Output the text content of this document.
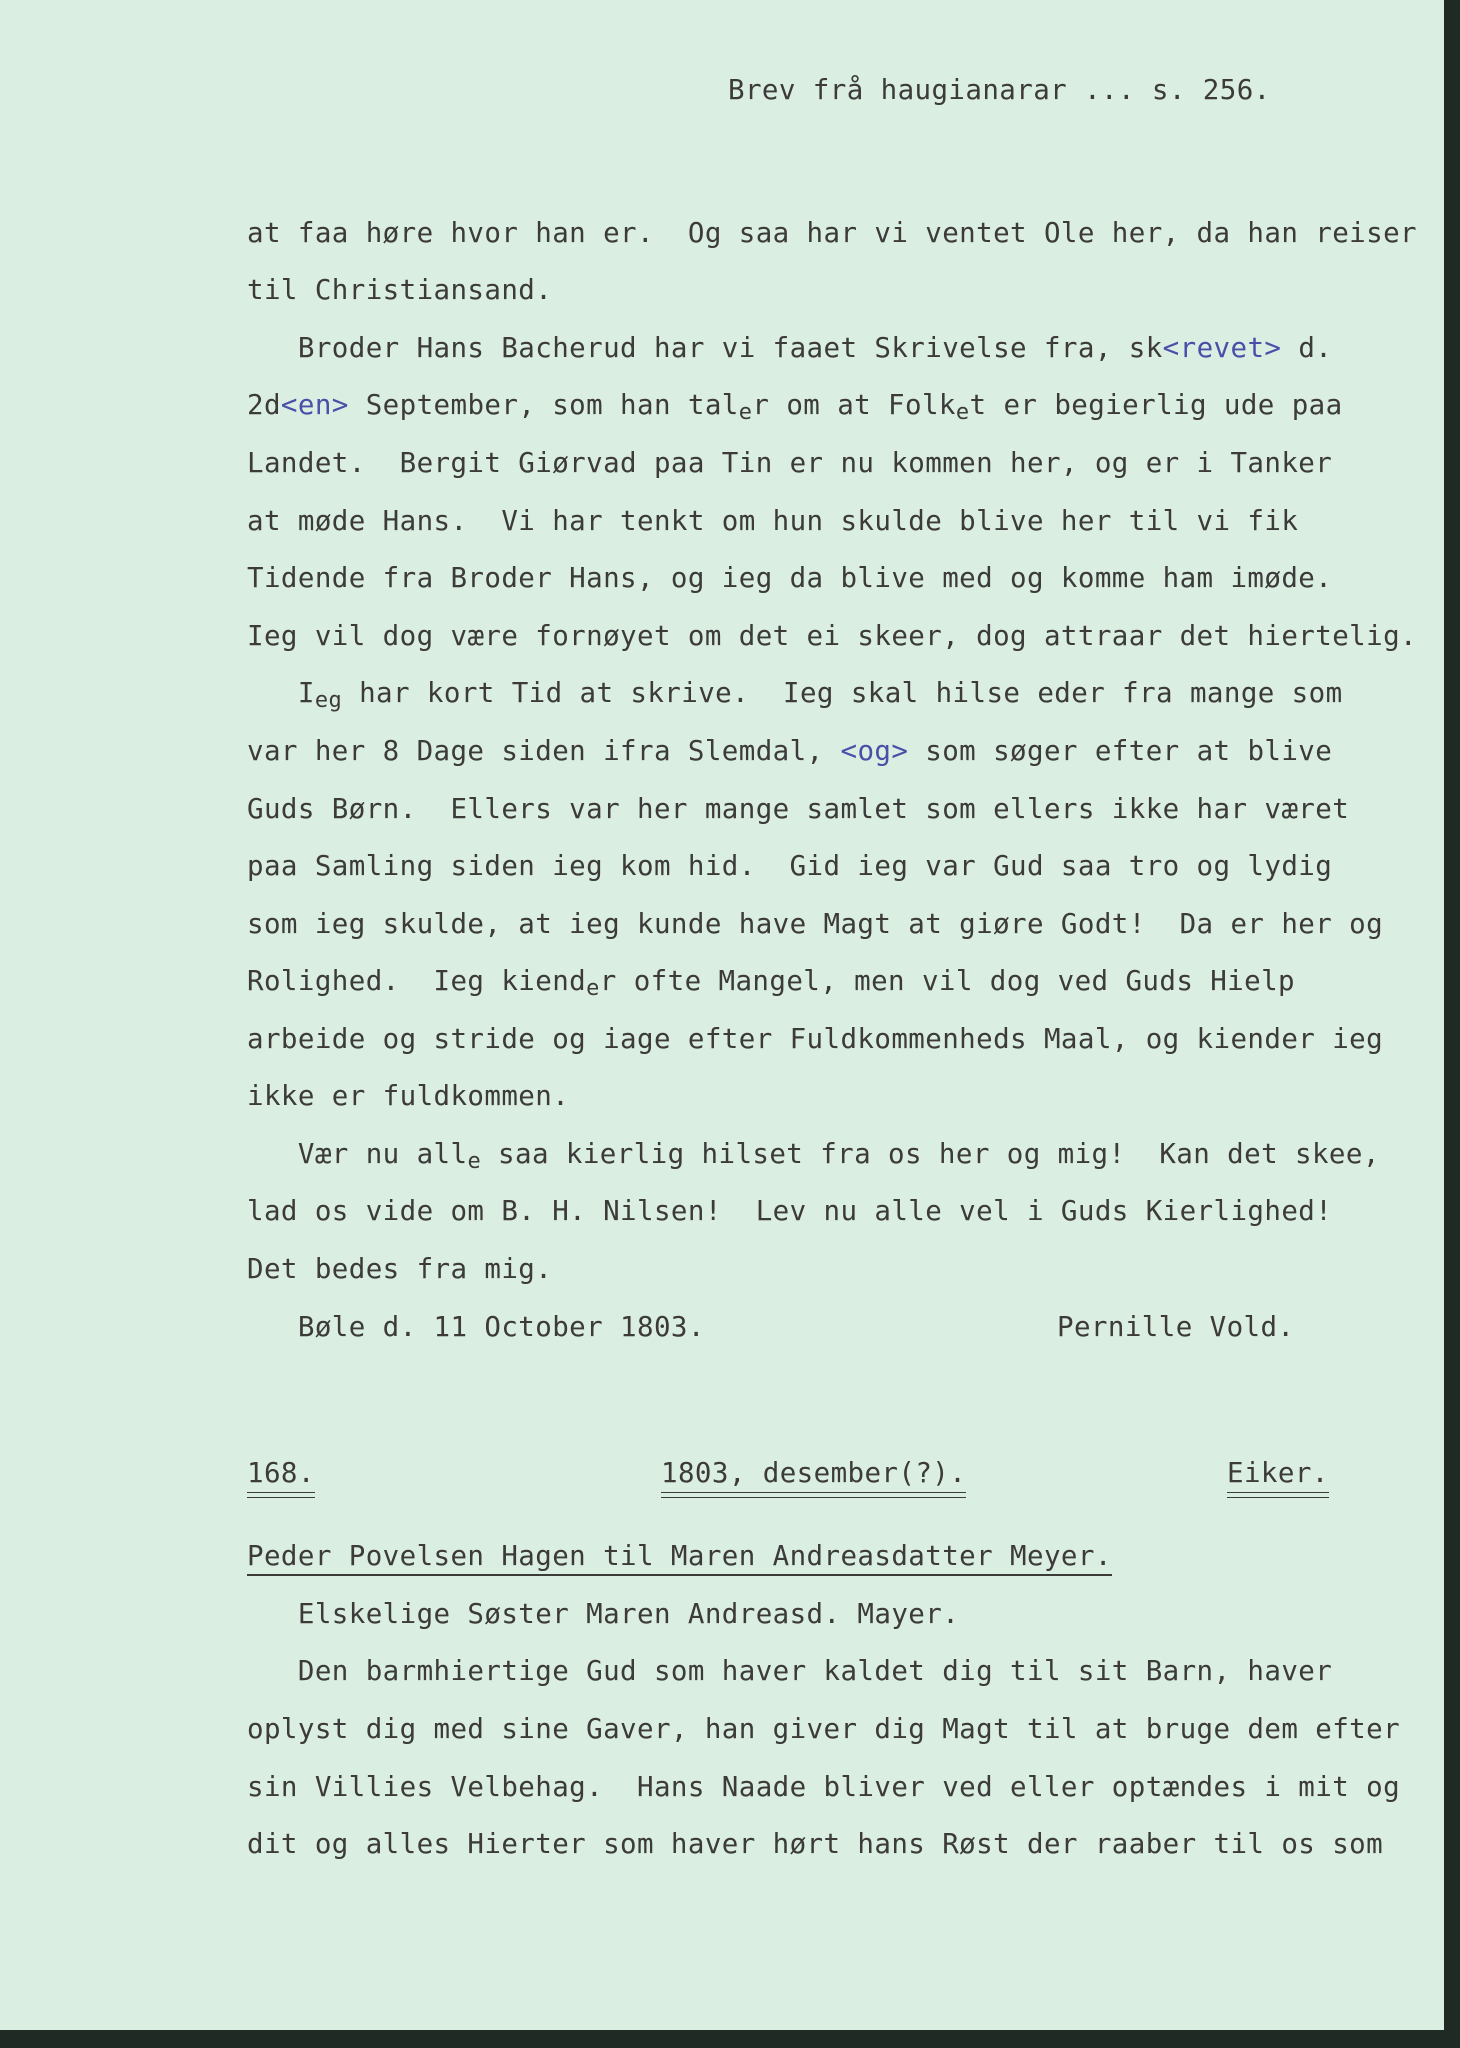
Brev frå haugianarar ... s. 256.
at faa høre hvor han er.  Og saa har vi ventet Ole her, da han reiser
til Christiansand.
Broder Hans Bacherud har vi faaet Skrivelse fra, sk<revet> d.
2d<en> September, som han taler om at Folket er begierlig ude paa
Landet.  Bergit Giørvad paa Tin er nu kommen her, og er i Tanker
at møde Hans.  Vi har tenkt om hun skulde blive her til vi fik
Tidende fra Broder Hans, og ieg da blive med og komme ham imøde.
Ieg vil dog være fornøyet om det ei skeer, dog attraar det hiertelig.
Ieg har kort Tid at skrive.  Ieg skal hilse eder fra mange som
var her 8 Dage siden ifra Slemdal, <og> som søger efter at blive
Guds Børn.  Ellers var her mange samlet som ellers ikke har været
paa Samling siden ieg kom hid.  Gid ieg var Gud saa tro og lydig
som ieg skulde, at ieg kunde have Magt at giøre Godt!  Da er her og
Rolighed.  Ieg kiender ofte Mangel, men vil dog ved Guds Hielp
arbeide og stride og iage efter Fuldkommenheds Maal, og kiender ieg
ikke er fuldkommen.
Vær nu alle saa kierlig hilset fra os her og mig!  Kan det skee,
lad os vide om B. H. Nilsen!  Lev nu alle vel i Guds Kierlighed!
Det bedes fra mig.
Bøle d. 11 October 1803.	Pernille Vold.
168.	1803, desember(?).	Eiker.
Peder Povelsen Hagen til Maren Andreasdatter Meyer.
Elskelige Søster Maren Andreasd. Mayer.
Den barmhiertige Gud som haver kaldet dig til sit Barn, haver
oplyst dig med sine Gaver, han giver dig Magt til at bruge dem efter
sin Villies Velbehag.  Hans Naade bliver ved eller optændes i mit og
dit og alles Hierter som haver hørt hans Røst der raaber til os som
